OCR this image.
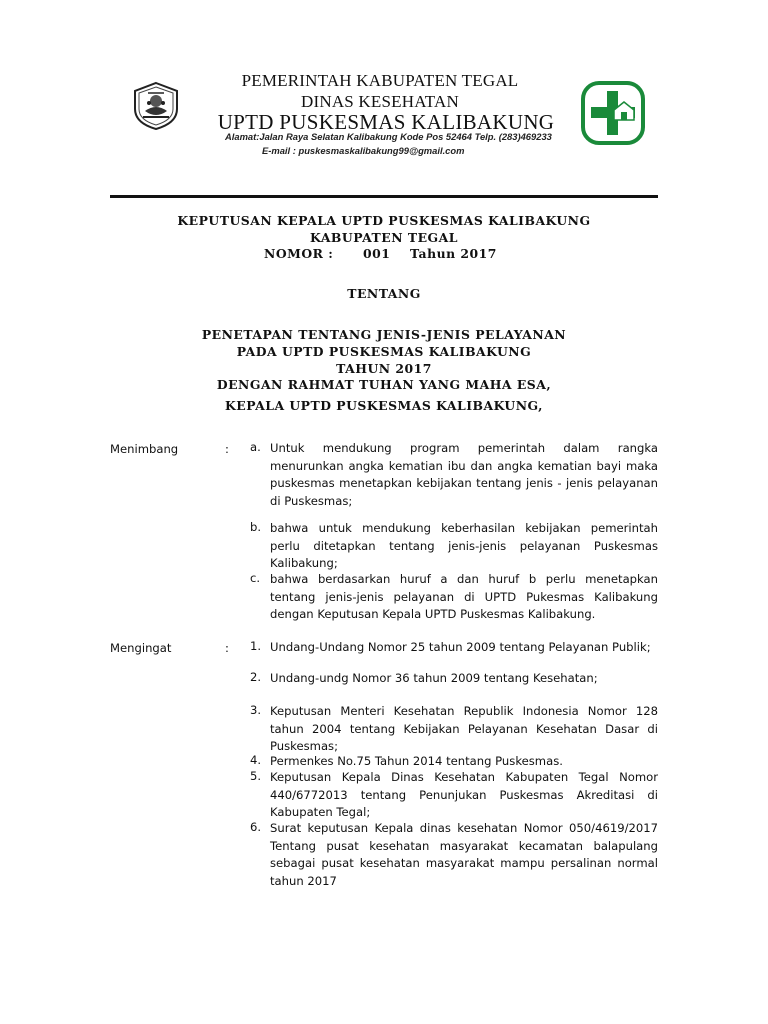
PEMERINTAH KABUPATEN TEGAL
DINAS KESEHATAN
UPTD PUSKESMAS KALIBAKUNG
Alamat:Jalan Raya Selatan Kalibakung Kode Pos 52464 Telp. (283)469233
E-mail : puskesmaskalibakung99@gmail.com
KEPUTUSAN KEPALA UPTD PUSKESMAS KALIBAKUNG
KABUPATEN TEGAL
NOMOR : 001 Tahun 2017
TENTANG
PENETAPAN TENTANG JENIS-JENIS PELAYANAN
PADA UPTD PUSKESMAS KALIBAKUNG
TAHUN 2017
DENGAN RAHMAT TUHAN YANG MAHA ESA,
KEPALA UPTD PUSKESMAS KALIBAKUNG,
Menimbang	: a. Untuk mendukung program pemerintah dalam rangka menurunkan angka kematian ibu dan angka kematian bayi maka puskesmas menetapkan kebijakan tentang jenis - jenis pelayanan di Puskesmas;
b. bahwa untuk mendukung keberhasilan kebijakan pemerintah perlu ditetapkan tentang jenis-jenis pelayanan Puskesmas Kalibakung;
c. bahwa berdasarkan huruf a dan huruf b perlu menetapkan tentang jenis-jenis pelayanan di UPTD Pukesmas Kalibakung dengan Keputusan Kepala UPTD Puskesmas Kalibakung.
Mengingat	: 1. Undang-Undang Nomor 25 tahun 2009 tentang Pelayanan Publik;
2. Undang-undg Nomor 36 tahun 2009 tentang Kesehatan;
3. Keputusan Menteri Kesehatan Republik Indonesia Nomor 128 tahun 2004 tentang Kebijakan Pelayanan Kesehatan Dasar di Puskesmas;
4. Permenkes No.75 Tahun 2014 tentang Puskesmas.
5. Keputusan Kepala Dinas Kesehatan Kabupaten Tegal Nomor 440/6772013 tentang Penunjukan Puskesmas Akreditasi di Kabupaten Tegal;
6. Surat keputusan Kepala dinas kesehatan Nomor 050/4619/2017 Tentang pusat kesehatan masyarakat kecamatan balapulang sebagai pusat kesehatan masyarakat mampu persalinan normal tahun 2017
